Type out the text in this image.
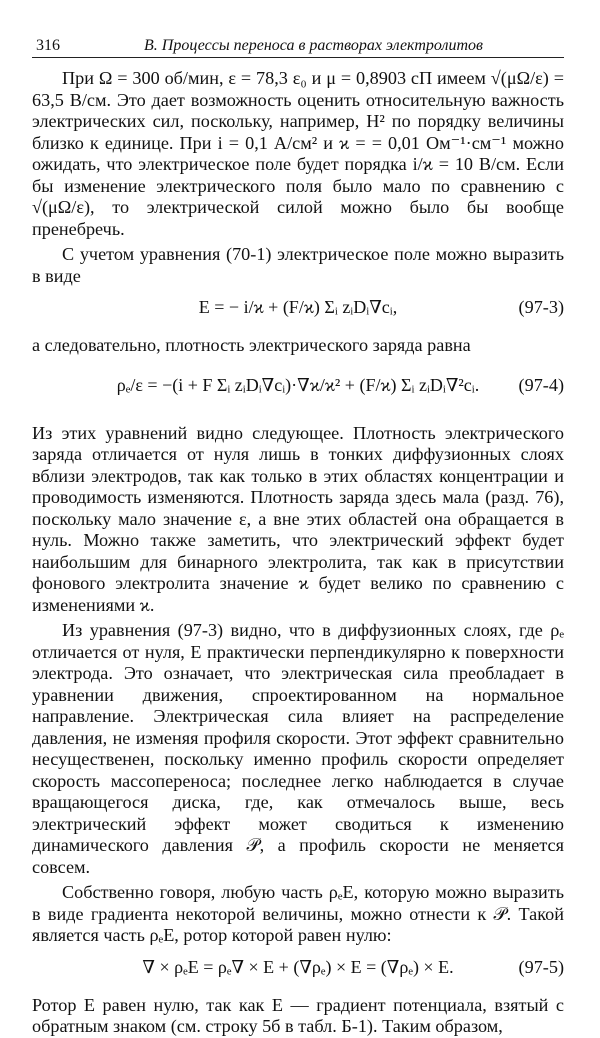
316	В. Процессы переноса в растворах электролитов

При Ω = 300 об/мин, ε = 78,3 ε₀ и μ = 0,8903 сП имеем √(μΩ/ε) = 63,5 В/см. Это дает возможность оценить относительную важность электрических сил, поскольку, например, H² по порядку величины близко к единице. При i = 0,1 А/см² и ϰ = = 0,01 Ом⁻¹·см⁻¹ можно ожидать, что электрическое поле будет порядка i/ϰ = 10 В/см. Если бы изменение электрического поля было мало по сравнению с √(μΩ/ε), то электрической силой можно было бы вообще пренебречь.

С учетом уравнения (70-1) электрическое поле можно выразить в виде

E = − i/ϰ + (F/ϰ) Σᵢ zᵢDᵢ∇cᵢ,	(97-3)

а следовательно, плотность электрического заряда равна

ρₑ/ε = −(i + F Σᵢ zᵢDᵢ∇cᵢ)·∇ϰ/ϰ² + (F/ϰ) Σᵢ zᵢDᵢ∇²cᵢ.	(97-4)

Из этих уравнений видно следующее. Плотность электрического заряда отличается от нуля лишь в тонких диффузионных слоях вблизи электродов, так как только в этих областях концентрации и проводимость изменяются. Плотность заряда здесь мала (разд. 76), поскольку мало значение ε, а вне этих областей она обращается в нуль. Можно также заметить, что электрический эффект будет наибольшим для бинарного электролита, так как в присутствии фонового электролита значение ϰ будет велико по сравнению с изменениями ϰ.

Из уравнения (97-3) видно, что в диффузионных слоях, где ρₑ отличается от нуля, E практически перпендикулярно к поверхности электрода. Это означает, что электрическая сила преобладает в уравнении движения, спроектированном на нормальное направление. Электрическая сила влияет на распределение давления, не изменяя профиля скорости. Этот эффект сравнительно несущественен, поскольку именно профиль скорости определяет скорость массопереноса; последнее легко наблюдается в случае вращающегося диска, где, как отмечалось выше, весь электрический эффект может сводиться к изменению динамического давления 𝒫, а профиль скорости не меняется совсем.

Собственно говоря, любую часть ρₑE, которую можно выразить в виде градиента некоторой величины, можно отнести к 𝒫. Такой является часть ρₑE, ротор которой равен нулю:

∇ × ρₑE = ρₑ∇ × E + (∇ρₑ) × E = (∇ρₑ) × E.	(97-5)

Ротор E равен нулю, так как E — градиент потенциала, взятый с обратным знаком (см. строку 5б в табл. Б-1). Таким образом,
